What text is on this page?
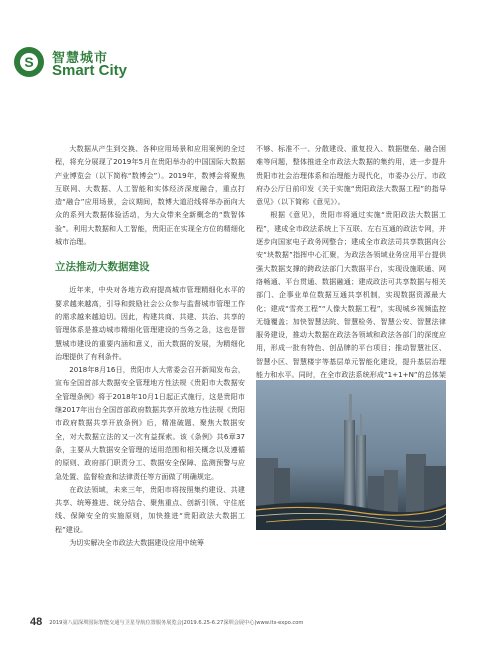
S	智慧城市
Smart City

大数据从产生到交换、各种应用场景和应用案例的全过程，将充分展现了2019年5月在贵阳举办的中国国际大数据产业博览会（以下简称“数博会”）。2019年，数博会将聚焦互联网、大数据、人工智能和实体经济深度融合，重点打造“融合”应用场景，会议期间，数博大道沿线将举办面向大众的系列大数据体验活动，为大众带来全新概念的“数智体验”。利用大数据和人工智能，贵阳正在实现全方位的精细化城市治理。

立法推动大数据建设

近年来，中央对各地方政府提高城市管理精细化水平的要求越来越高，引导和鼓励社会公众参与监督城市管理工作的需求越来越迫切。因此，构建共商、共建、共治、共享的管理体系是推动城市精细化管理建设的当务之急，这也是智慧城市建设的重要内涵和意义，而大数据的发展，为精细化治理提供了有利条件。

2018年8月16日，贵阳市人大常委会召开新闻发布会，宣布全国首部大数据安全管理地方性法规《贵阳市大数据安全管理条例》将于2018年10月1日起正式施行，这是贵阳市继2017年出台全国首部政府数据共享开放地方性法规《贵阳市政府数据共享开放条例》后，精准破题、聚焦大数据安全，对大数据立法的又一次有益探索。该《条例》共6章37条，主要从大数据安全管理的适用范围和相关概念以及遵循的原则、政府部门职责分工、数据安全保障、监测预警与应急处置、监督检查和法律责任等方面做了明确规定。

在政法领域，未来三年，贵阳市将按照集约建设、共建共享、统筹推进、统分结合、聚焦重点、创新引领、守住底线、保障安全的实施原则，加快推进“贵阳政法大数据工程”建设。

为切实解决全市政法大数据建设应用中统筹

不够、标准不一、分散建设、重复投入、数据壁垒、融合困难等问题，整体推进全市政法大数据的集约用，进一步提升贵阳市社会治理体系和治理能力现代化，市委办公厅、市政府办公厅日前印发《关于实施“贵阳政法大数据工程”的指导意见》（以下简称《意见》）。

根据《意见》，贵阳市将通过实施“贵阳政法大数据工程”，建成全市政法系统上下互联、左右互通的政法专网，并逐步向国家电子政务网整合；建成全市政法司共享数据向公安“块数据”指挥中心汇聚，为政法各领域业务应用平台提供强大数据支撑的跨政法部门大数据平台，实现设施联通、网络畅通、平台贯通、数据融通；建成政法可共享数据与相关部门、企事业单位数据互通共享机制，实现数据资源最大化；建成“雪亮工程”“人像大数据工程”，实现城乡视频监控无缝覆盖；加快智慧法院、智慧检务、智慧公安、智慧法律服务建设，推动大数据在政法各领域和政法各部门的深度应用，形成一批有特色、创品牌的平台项目；推动智慧社区、智慧小区、智慧楼宇等基层单元智能化建设，提升基层治理能力和水平。同时，在全市政法系统形成“1+1+N”的总体架

48 2019第八届深圳国际智能交通与卫星导航位置服务展览会|2019.6.25-6.27深圳会展中心|www.its-expo.com
